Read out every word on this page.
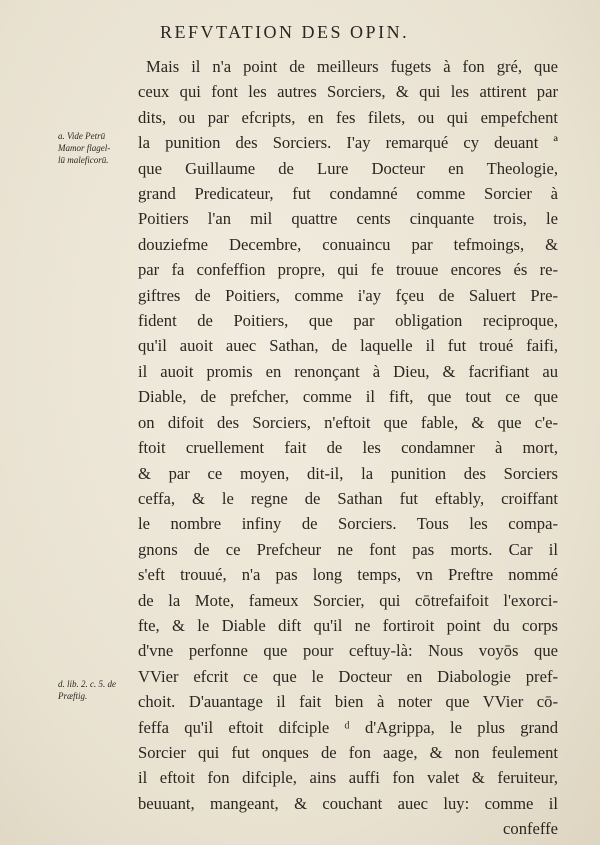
REFVTATION DES OPIN.
a. Vide Petrū
Mamor flagel-
lū maleficorū.
d. lib. 2. c. 5. de
Præftig.
Mais il n'a point de meilleurs fugets à fon gré, que
ceux qui font les autres Sorciers, & qui les attirent par
dits, ou par efcripts, en fes filets, ou qui empefchent
la punition des Sorciers. I'ay remarqué cy deuant ª
que Guillaume de Lure Docteur en Theologie,
grand Predicateur, fut condamné comme Sorcier à
Poitiers l'an mil quattre cents cinquante trois, le
douziefme Decembre, conuaincu par tefmoings, &
par fa confeffion propre, qui fe trouue encores és re-
giftres de Poitiers, comme i'ay fçeu de Saluert Pre-
fident de Poitiers, que par obligation reciproque,
qu'il auoit auec Sathan, de laquelle il fut troué faifi,
il auoit promis en renonçant à Dieu, & facrifiant au
Diable, de prefcher, comme il fift, que tout ce que
on difoit des Sorciers, n'eftoit que fable, & que c'e-
ftoit cruellement fait de les condamner à mort,
& par ce moyen, dit-il, la punition des Sorciers
ceffa, & le regne de Sathan fut eftably, croiffant
le nombre infiny de Sorciers. Tous les compa-
gnons de ce Prefcheur ne font pas morts. Car il
s'eft trouué, n'a pas long temps, vn Preftre nommé
de la Mote, fameux Sorcier, qui cōtrefaifoit l'exorci-
fte, & le Diable dift qu'il ne fortiroit point du corps
d'vne perfonne que pour ceftuy-là: Nous voyōs que
VVier efcrit ce que le Docteur en Diabologie pref-
choit. D'auantage il fait bien à noter que VVier cō-
feffa qu'il eftoit difciple ᵈ d'Agrippa, le plus grand
Sorcier qui fut onques de fon aage, & non feulement
il eftoit fon difciple, ains auffi fon valet & feruiteur,
beuuant, mangeant, & couchant auec luy: comme il
confeffe
